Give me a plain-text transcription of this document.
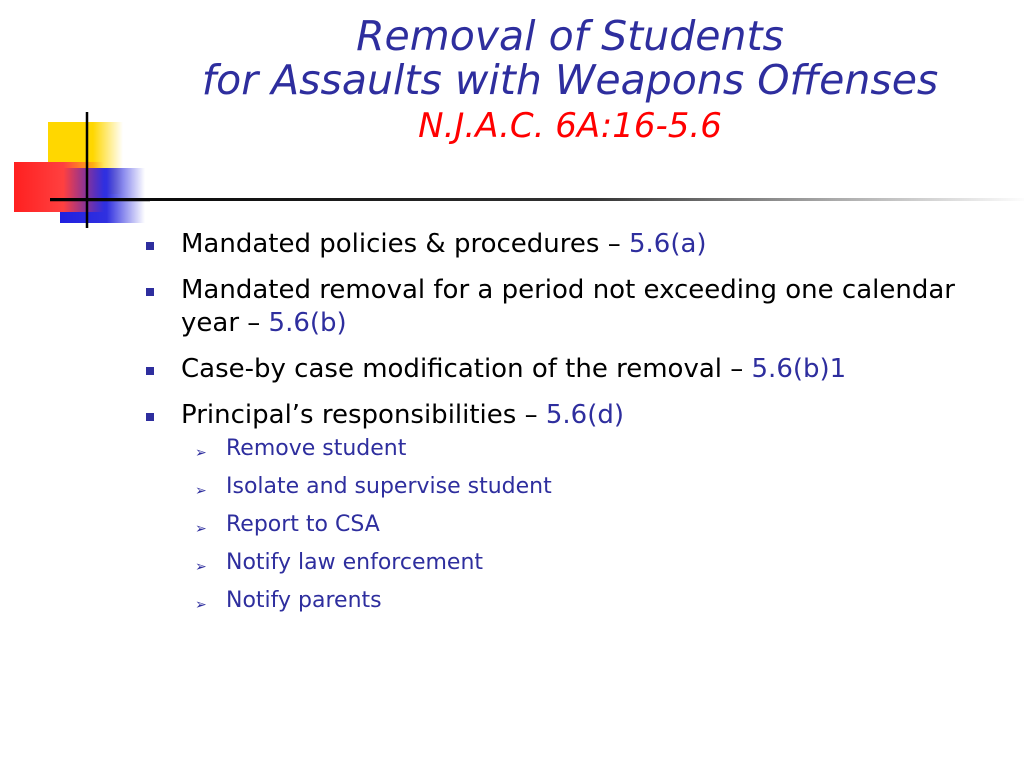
Removal of Students
for Assaults with Weapons Offenses
N.J.A.C. 6A:16-5.6
Mandated policies & procedures – 5.6(a)
Mandated removal for a period not exceeding one calendar year – 5.6(b)
Case-by case modification of the removal – 5.6(b)1
Principal’s responsibilities – 5.6(d)
➢ Remove student
➢ Isolate and supervise student
➢ Report to CSA
➢ Notify law enforcement
➢ Notify parents
